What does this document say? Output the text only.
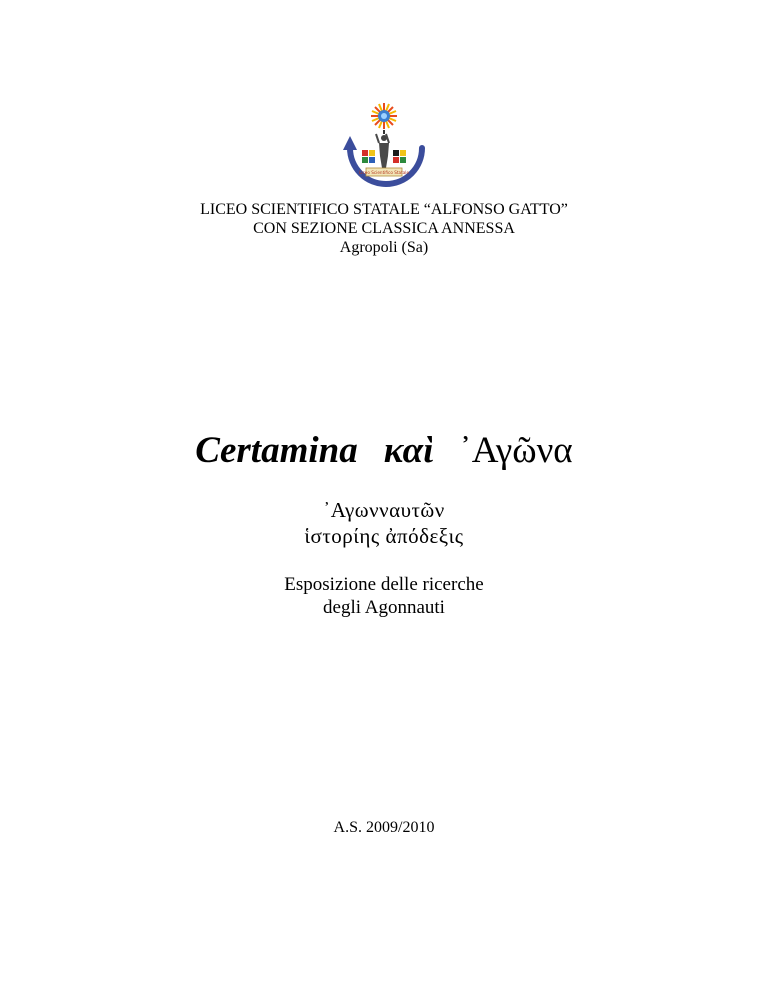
Liceo Scientifico Statale
LICEO SCIENTIFICO STATALE “ALFONSO GATTO”
CON SEZIONE CLASSICA ANNESSA
Agropoli (Sa)
Certamina καὶ ᾽Αγῶνα
᾽Αγωνναυτῶν
ἱστορίης ἀπόδεξις
Esposizione delle ricerche
degli Agonnauti
A.S. 2009/2010
